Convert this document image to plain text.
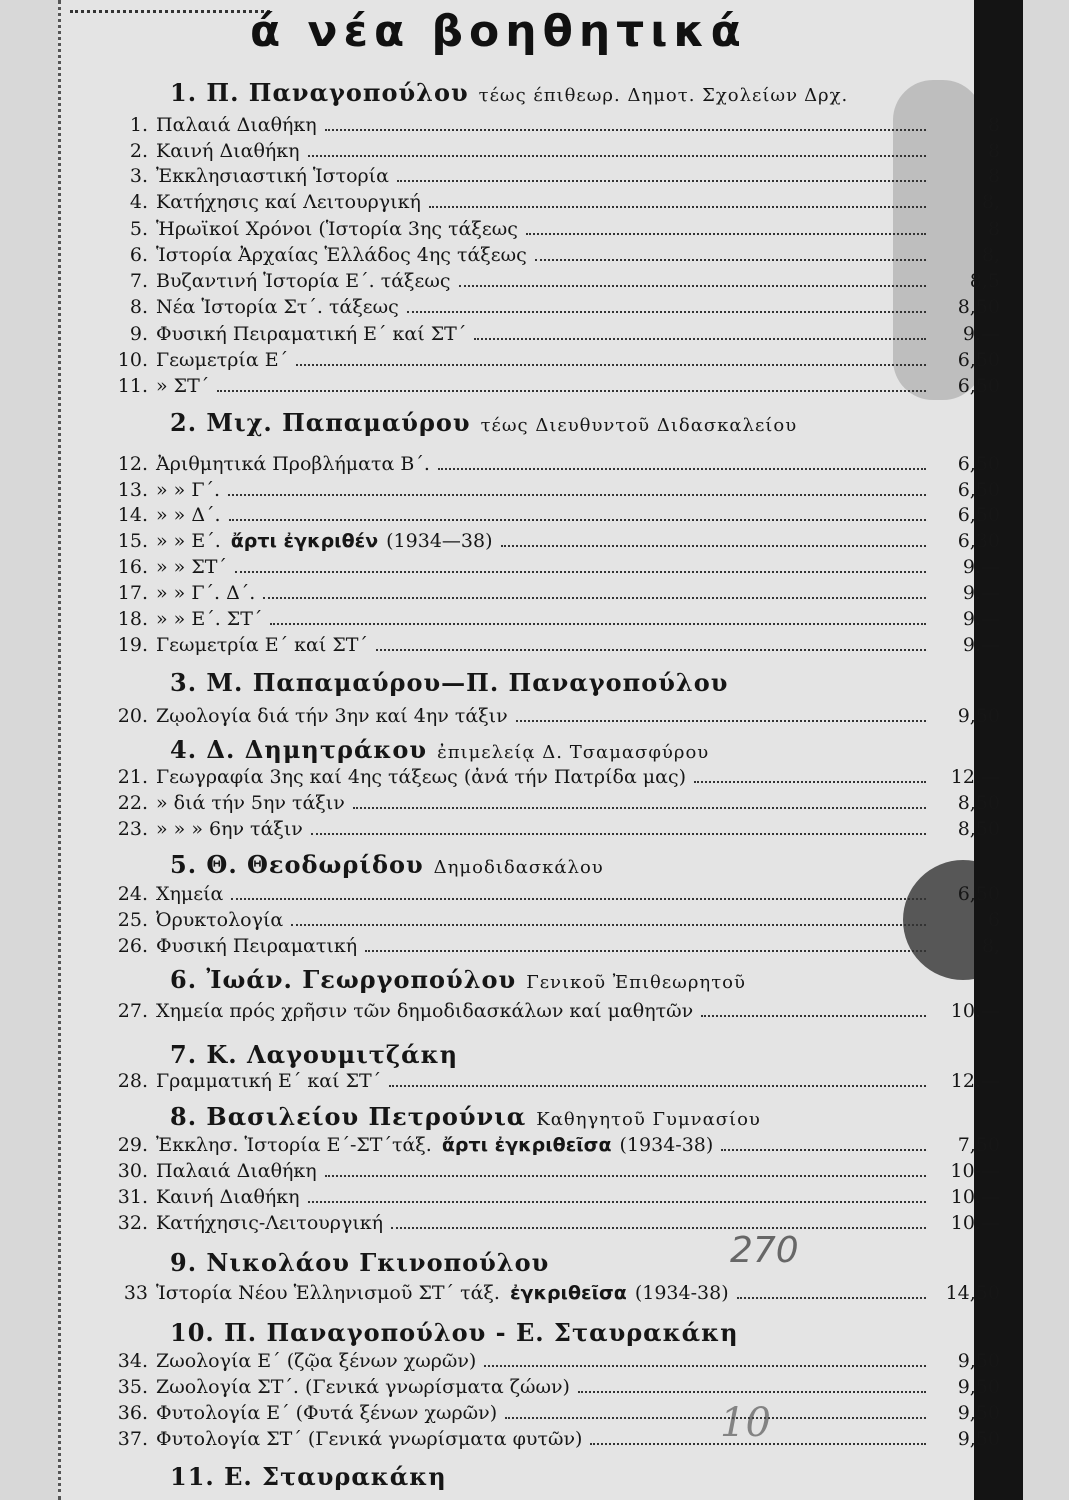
ά νέα βοηθητικά
1. Π. Παναγοπούλου τέως έπιθεωρ. Δημοτ. Σχολείων Δρχ.
1. Παλαιά Διαθήκη	8
2. Καινή Διαθήκη	8
3. Ἐκκλησιαστική Ἱστορία	8
4. Κατήχησις καί Λειτουργική	8,
5. Ἡρωϊκοί Χρόνοι (Ἱστορία 3ης τάξεως	8
6. Ἱστορία Ἀρχαίας Ἑλλάδος 4ης τάξεως	8,
7. Βυζαντινή Ἱστορία Ε΄. τάξεως	8,5
8. Νέα Ἱστορία Στ΄. τάξεως	8,50
9. Φυσική Πειραματική Ε΄ καί ΣΤ΄	9.—
10. Γεωμετρία Ε΄	6,50
11. » ΣΤ΄	6,50
2. Μιχ. Παπαμαύρου τέως Διευθυντοῦ Διδασκαλείου
12. Ἀριθμητικά Προβλήματα Β΄.	6,50
13. » » Γ΄.	6,50
14. » » Δ΄.	6,50
15. » » Ε΄. ἄρτι ἐγκριθέν (1934—38)	6,30
16. » » ΣΤ΄	9.—
17. » » Γ΄. Δ΄.	9.—
18. » » Ε΄. ΣΤ΄	9.—
19. Γεωμετρία Ε΄ καί ΣΤ΄	9.—
3. Μ. Παπαμαύρου—Π. Παναγοπούλου
20. Ζῳολογία διά τήν 3ην καί 4ην τάξιν	9,50
4. Δ. Δημητράκου ἐπιμελείᾳ Δ. Τσαμασφύρου
21. Γεωγραφία 3ης καί 4ης τάξεως (ἀνά τήν Πατρίδα μας)	12.—
22. » διά τήν 5ην τάξιν	8,50
23. » » » 6ην τάξιν	8,50
5. Θ. Θεοδωρίδου Δημοδιδασκάλου
24. Χημεία	6,50
25. Ὀρυκτολογία	6
26. Φυσική Πειραματική	8,
6. Ἰωάν. Γεωργοπούλου Γενικοῦ Ἐπιθεωρητοῦ
27. Χημεία πρός χρῆσιν τῶν δημοδιδασκάλων καί μαθητῶν	10.—
7. Κ. Λαγουμιτζάκη
28. Γραμματική Ε΄ καί ΣΤ΄	12.—
8. Βασιλείου Πετρούνια Καθηγητοῦ Γυμνασίου
29. Ἐκκλησ. Ἱστορία Ε΄-ΣΤ΄τάξ. ἄρτι ἐγκριθεῖσα (1934-38)	7,50
30. Παλαιά Διαθήκη	10-—
31. Καινή Διαθήκη	10.—
32. Κατήχησις-Λειτουργική	10.—
9. Νικολάου Γκινοπούλου
33 Ἱστορία Νέου Ἑλληνισμοῦ ΣΤ΄ τάξ. ἐγκριθεῖσα (1934-38)	14,50
10. Π. Παναγοπούλου - Ε. Σταυρακάκη
34. Ζωολογία Ε΄ (ζῷα ξένων χωρῶν)	9,50
35. Ζωολογία ΣΤ΄. (Γενικά γνωρίσματα ζώων)	9,50
36. Φυτολογία Ε΄ (Φυτά ξένων χωρῶν)	9,50
37. Φυτολογία ΣΤ΄ (Γενικά γνωρίσματα φυτῶν)	9,50
11. Ε. Σταυρακάκη
270
10
